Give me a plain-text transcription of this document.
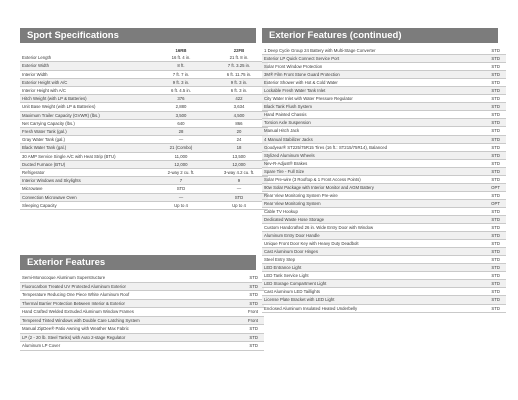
Sport Specifications
	16RB	22FB
Exterior Length	16 ft. 4 in.	21 ft. 8 in.
Exterior Width	8 ft.	7 ft. 3.25 in.
Interior Width	7 ft. 7 in.	6 ft. 11.75 in.
Exterior Height with A/C	9 ft. 3 in.	9 ft. 3 in.
Interior Height with A/C	6 ft. 4.5 in.	6 ft. 3 in.
Hitch Weight (with LP & Batteries)	376	422
Unit Base Weight (with LP & Batteries)	2,880	3,634
Maximum Trailer Capacity (GVWR) (lbs.)	3,500	4,500
Net Carrying Capacity (lbs.)	640	866
Fresh Water Tank (gal.)	28	20
Gray Water Tank (gal.)	—	24
Black Water Tank (gal.)	21 (Combo)	18
30 AMP Service Single A/C with Heat Strip (BTU)	11,000	13,500
Ducted Furnace (BTU)	12,000	12,000
Refrigerator	2-way 2 cu. ft.	3-way 4.2 cu. ft.
Interior Windows and Skylights	7	9
Microwave	STD	—
Convection Microwave Oven	—	STD
Sleeping Capacity	Up to 4	Up to 4
Exterior Features
Semi-Monocoque Aluminum Superstructure	STD
Fluorocarbon Treated UV Protected Aluminum Exterior	STD
Temperature Reducing One Piece White Aluminum Roof	STD
Thermal Barrier Protection Between Interior & Exterior	STD
Hand Crafted Welded Extruded Aluminum Window Frames	Front
Tempered Tinted Windows with Double Care Latching System	Front
Manual ZipDee® Patio Awning with Weather Max Fabric	STD
LP (2 - 20 lb. Steel Tanks) with Auto 2-stage Regulator	STD
Aluminum LP Cover	STD
Exterior Features (continued)
1 Deep Cycle Group 24 Battery with Multi-Stage Converter	STD
Exterior LP Quick Connect Service Port	STD
Solar Front Window Protection	STD
3M® Film Front Stone Guard Protection	STD
Exterior Shower with Hot & Cold Water	STD
Lockable Fresh Water Tank Inlet	STD
City Water Inlet with Water Pressure Regulator	STD
Black Tank Flush System	STD
Hand Painted Chassis	STD
Torsion Axle Suspension	STD
Manual Hitch Jack	STD
4 Manual Stabilizer Jacks	STD
Goodyear® ST225/75R15 Tires (16 ft.: ST215/75R14), Balanced	STD
Stylized Aluminum Wheels	STD
Nev-R-Adjust® Brakes	STD
Spare Tire - Full Size	STD
Solar Pre-wire (3 Rooftop & 1 Front Access Points)	STD
90w Solar Package with Interior Monitor and AGM Battery	OPT
Rear View Monitoring System Pre-wire	STD
Rear View Monitoring System	OPT
Cable TV Hookup	STD
Dedicated Waste Hose Storage	STD
Custom Handcrafted 26 in. Wide Entry Door with Window	STD
Aluminum Entry Door Handle	STD
Unique Front Door Key with Heavy Duty Deadbolt	STD
Cast Aluminum Door Hinges	STD
Steel Entry Step	STD
LED Entrance Light	STD
LED Tank Service Light	STD
LED Storage Compartment Light	STD
Cast Aluminum LED Taillights	STD
License Plate Bracket with LED Light	STD
Enclosed Aluminum Insulated Heated Underbelly	STD
